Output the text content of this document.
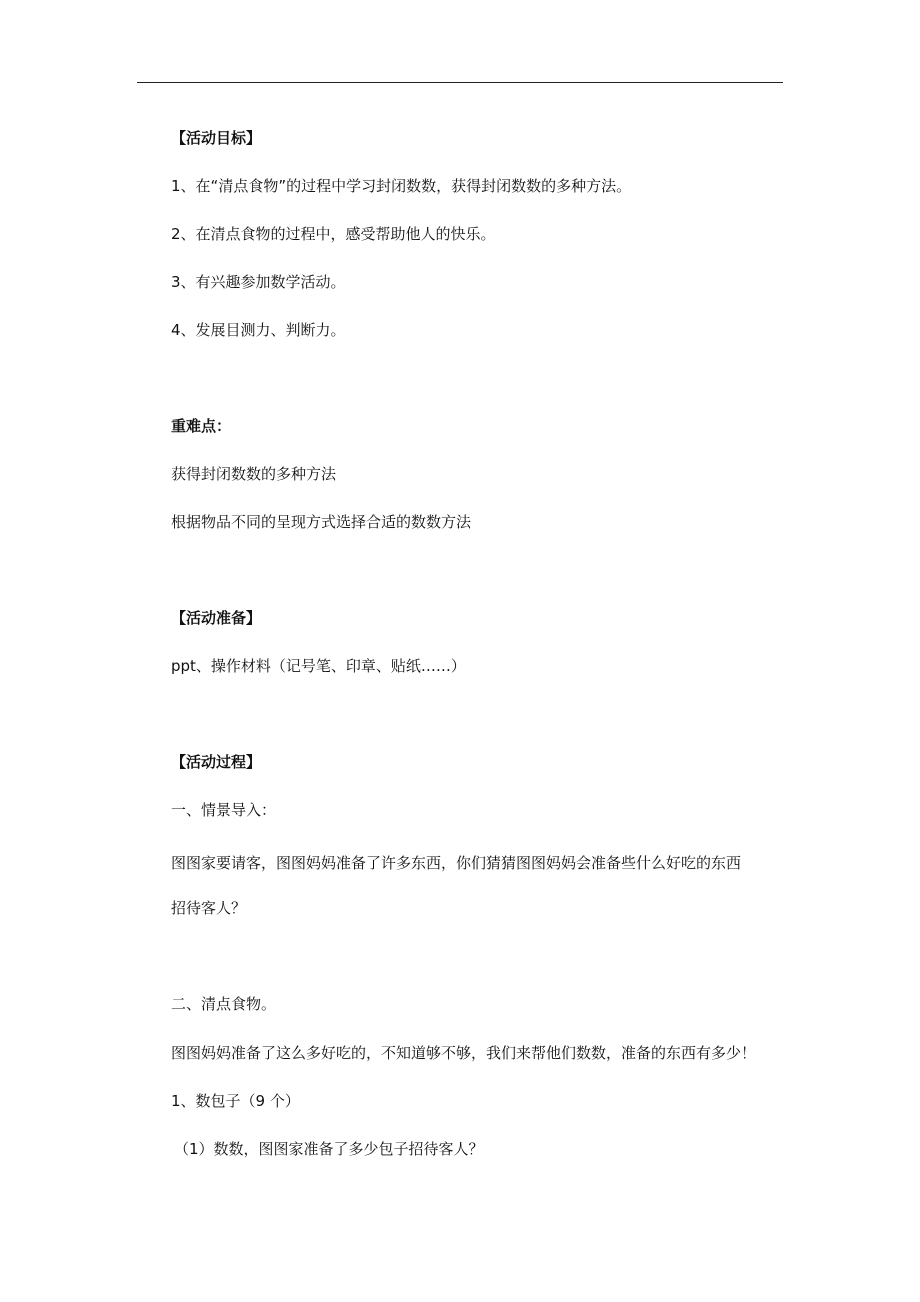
【活动目标】
1、在“清点食物”的过程中学习封闭数数，获得封闭数数的多种方法。
2、在清点食物的过程中，感受帮助他人的快乐。
3、有兴趣参加数学活动。
4、发展目测力、判断力。
重难点：
获得封闭数数的多种方法
根据物品不同的呈现方式选择合适的数数方法
【活动准备】
ppt、操作材料（记号笔、印章、贴纸……）
【活动过程】
一、情景导入：
图图家要请客，图图妈妈准备了许多东西，你们猜猜图图妈妈会准备些什么好吃的东西
招待客人？
二、清点食物。
图图妈妈准备了这么多好吃的，不知道够不够，我们来帮他们数数，准备的东西有多少！
1、数包子（9 个）
（1）数数，图图家准备了多少包子招待客人？
